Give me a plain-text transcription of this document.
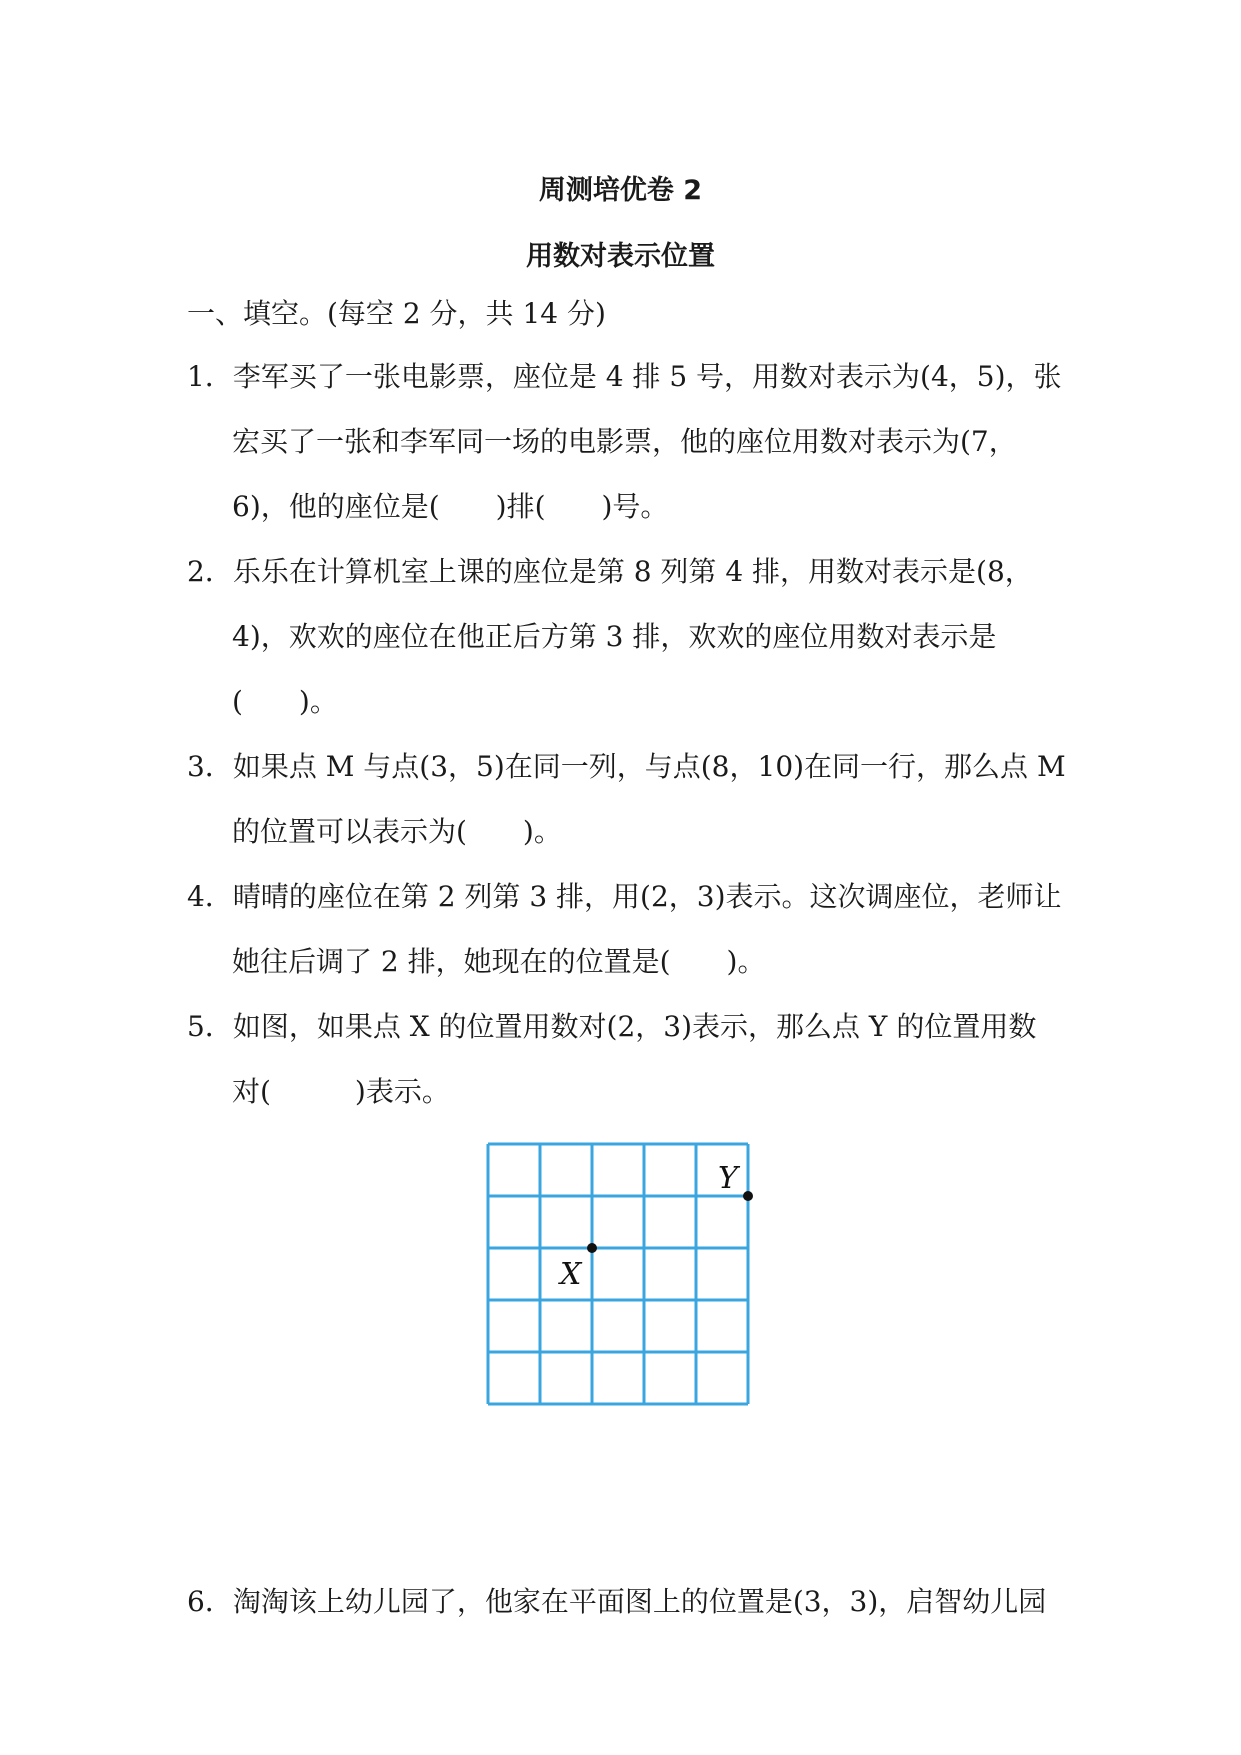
周测培优卷 2
用数对表示位置
一、填空。(每空 2 分，共 14 分)
1．李军买了一张电影票，座位是 4 排 5 号，用数对表示为(4，5)，张
宏买了一张和李军同一场的电影票，他的座位用数对表示为(7，
6)，他的座位是(　　)排(　　)号。
2．乐乐在计算机室上课的座位是第 8 列第 4 排，用数对表示是(8，
4)，欢欢的座位在他正后方第 3 排，欢欢的座位用数对表示是
(　　)。
3．如果点 M 与点(3，5)在同一列，与点(8，10)在同一行，那么点 M
的位置可以表示为(　　)。
4．晴晴的座位在第 2 列第 3 排，用(2，3)表示。这次调座位，老师让
她往后调了 2 排，她现在的位置是(　　)。
5．如图，如果点 X 的位置用数对(2，3)表示，那么点 Y 的位置用数
对(　　　)表示。
X
Y
6．淘淘该上幼儿园了，他家在平面图上的位置是(3，3)，启智幼儿园
